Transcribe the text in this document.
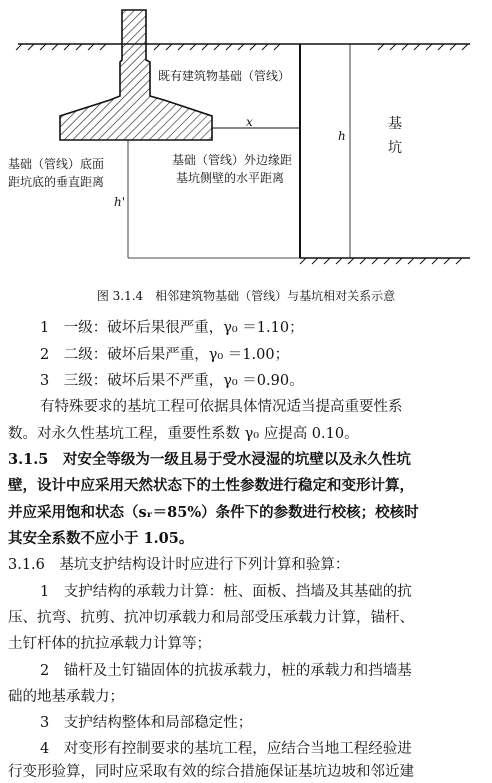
既有建筑物基础（管线）
基
坑
h
h'
x
基础（管线）底面
距坑底的垂直距离
基础（管线）外边缘距
基坑侧壁的水平距离
图 3.1.4　相邻建筑物基础（管线）与基坑相对关系示意
1　一级：破坏后果很严重，γ₀ ＝1.10；
2　二级：破坏后果严重，γ₀ ＝1.00；
3　三级：破坏后果不严重，γ₀ ＝0.90。
有特殊要求的基坑工程可依据具体情况适当提高重要性系
数。对永久性基坑工程，重要性系数 γ₀ 应提高 0.10。
3.1.5　对安全等级为一级且易于受水浸湿的坑壁以及永久性坑
壁，设计中应采用天然状态下的土性参数进行稳定和变形计算，
并应采用饱和状态（sᵣ＝85%）条件下的参数进行校核；校核时
其安全系数不应小于 1.05。
3.1.6　基坑支护结构设计时应进行下列计算和验算：
1　支护结构的承载力计算：桩、面板、挡墙及其基础的抗
压、抗弯、抗剪、抗冲切承载力和局部受压承载力计算，锚杆、
土钉杆体的抗拉承载力计算等；
2　锚杆及土钉锚固体的抗拔承载力，桩的承载力和挡墙基
础的地基承载力；
3　支护结构整体和局部稳定性；
4　对变形有控制要求的基坑工程，应结合当地工程经验进
行变形验算，同时应采取有效的综合措施保证基坑边坡和邻近建
